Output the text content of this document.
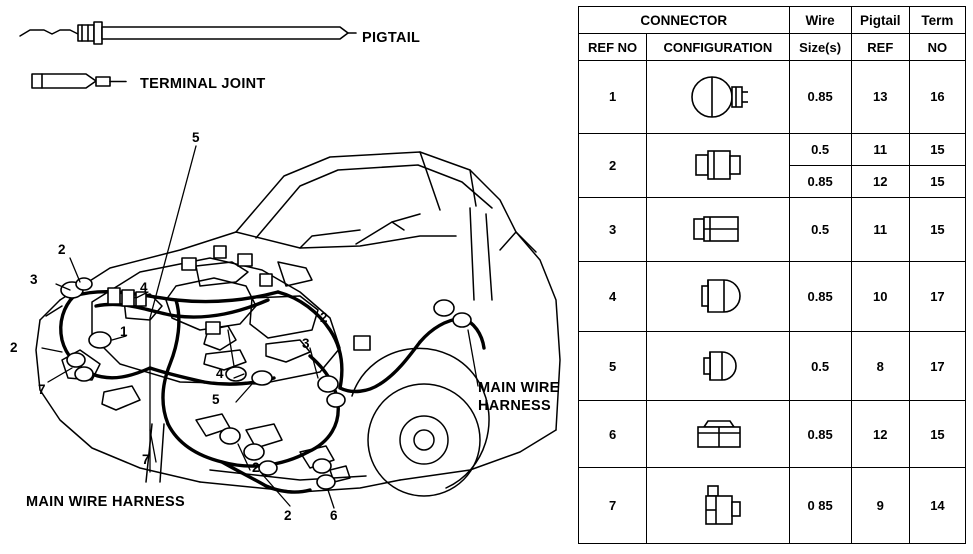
PIGTAIL
TERMINAL JOINT
MAIN WIRE HARNESS
MAIN WIRE HARNESS
5
2
3
4
1
2
7
2
3
4
5
7
2
2	6
CONNECTOR		Wire	Pigtail	Term
REF NO	CONFIGURATION	Size(s)	REF	NO
1		0.85	13	16
2		0.5	11	15
		0.85	12	15
3		0.5	11	15
4		0.85	10	17
5		0.5	8	17
6		0.85	12	15
7		0 85	9	14
